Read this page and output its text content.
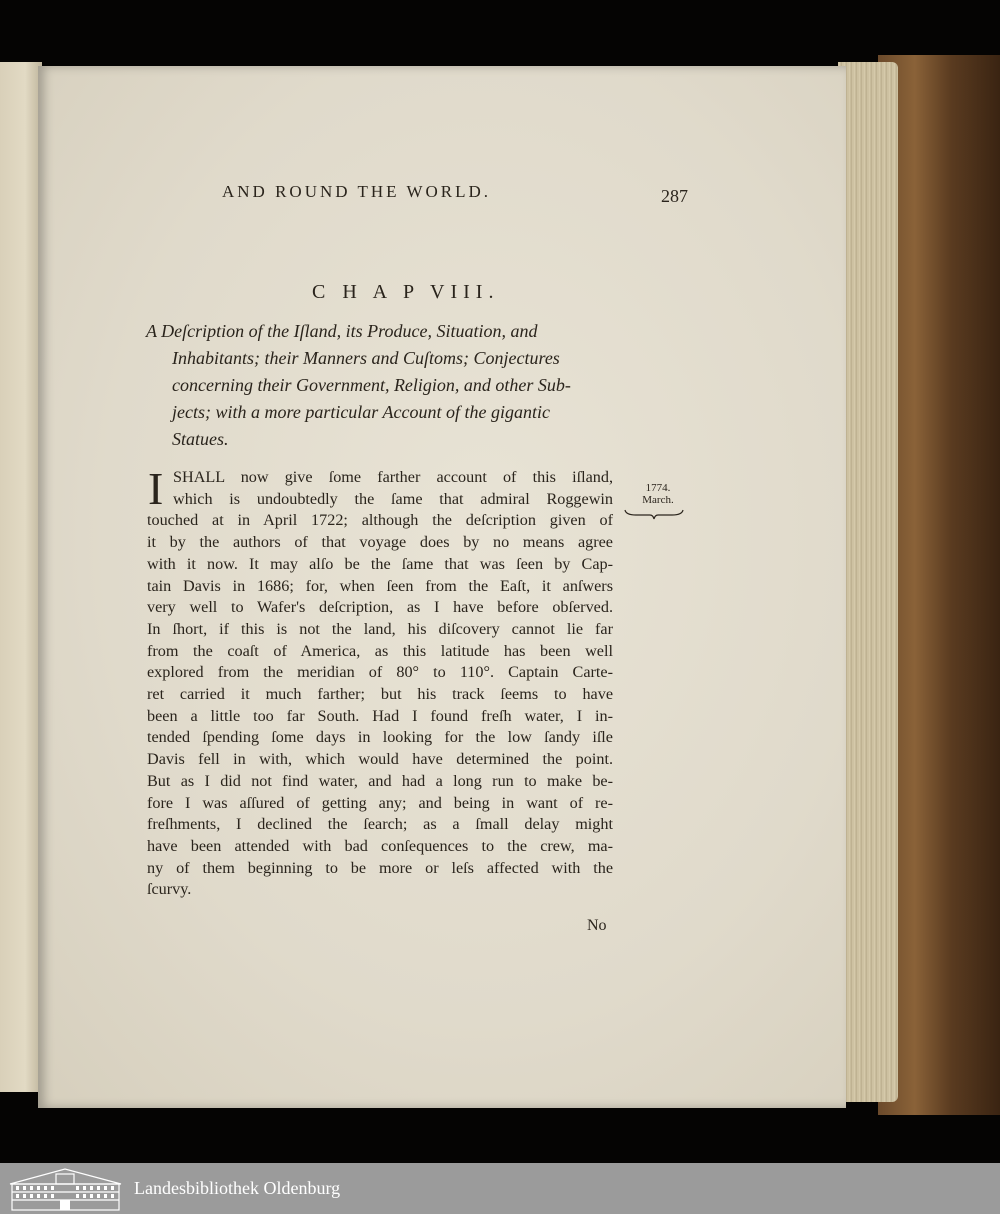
AND ROUND THE WORLD.	287
C H A P VIII.
A Deſcription of the Iſland, its Produce, Situation, and
Inhabitants; their Manners and Cuſtoms; Conjectures
concerning their Government, Religion, and other Sub-
jects; with a more particular Account of the gigantic
Statues.
I SHALL now give ſome farther account of this iſland,
which is undoubtedly the ſame that admiral Roggewin
touched at in April 1722; although the deſcription given of
it by the authors of that voyage does by no means agree
with it now. It may alſo be the ſame that was ſeen by Cap-
tain Davis in 1686; for, when ſeen from the Eaſt, it anſwers
very well to Wafer's deſcription, as I have before obſerved.
In ſhort, if this is not the land, his diſcovery cannot lie far
from the coaſt of America, as this latitude has been well
explored from the meridian of 80° to 110°. Captain Carte-
ret carried it much farther; but his track ſeems to have
been a little too far South. Had I found freſh water, I in-
tended ſpending ſome days in looking for the low ſandy iſle
Davis fell in with, which would have determined the point.
But as I did not find water, and had a long run to make be-
fore I was aſſured of getting any; and being in want of re-
freſhments, I declined the ſearch; as a ſmall delay might
have been attended with bad conſequences to the crew, ma-
ny of them beginning to be more or leſs affected with the
ſcurvy.
1774.
March.
No
Landesbibliothek Oldenburg
